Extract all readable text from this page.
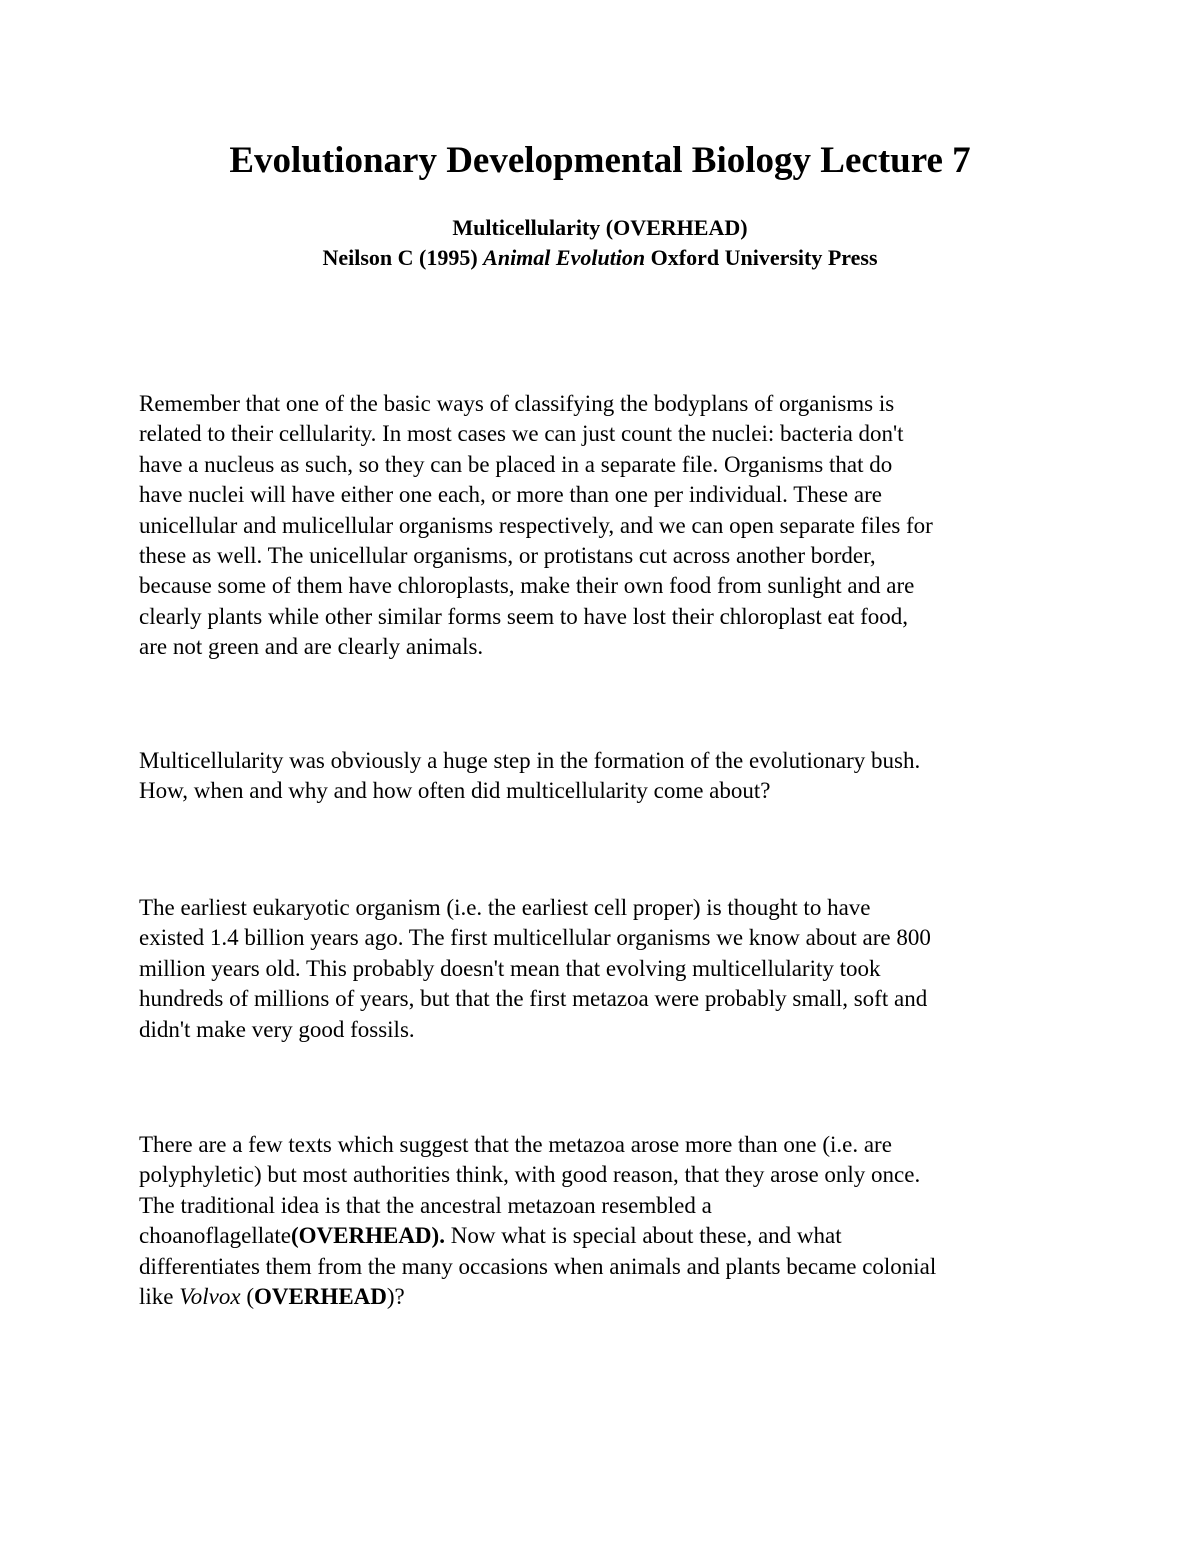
Evolutionary Developmental Biology Lecture 7

Multicellularity (OVERHEAD)

Neilson C (1995) Animal Evolution Oxford University Press

Remember that one of the basic ways of classifying the bodyplans of organisms is
related to their cellularity. In most cases we can just count the nuclei: bacteria don't
have a nucleus as such, so they can be placed in a separate file. Organisms that do
have nuclei will have either one each, or more than one per individual. These are
unicellular and mulicellular organisms respectively, and we can open separate files for
these as well. The unicellular organisms, or protistans cut across another border,
because some of them have chloroplasts, make their own food from sunlight and are
clearly plants while other similar forms seem to have lost their chloroplast eat food,
are not green and are clearly animals.

Multicellularity was obviously a huge step in the formation of the evolutionary bush.
How, when and why and how often did multicellularity come about?

The earliest eukaryotic organism (i.e. the earliest cell proper) is thought to have
existed 1.4 billion years ago. The first multicellular organisms we know about are 800
million years old. This probably doesn't mean that evolving multicellularity took
hundreds of millions of years, but that the first metazoa were probably small, soft and
didn't make very good fossils.

There are a few texts which suggest that the metazoa arose more than one (i.e. are
polyphyletic) but most authorities think, with good reason, that they arose only once.
The traditional idea is that the ancestral metazoan resembled a
choanoflagellate(OVERHEAD). Now what is special about these, and what
differentiates them from the many occasions when animals and plants became colonial
like Volvox (OVERHEAD)?
